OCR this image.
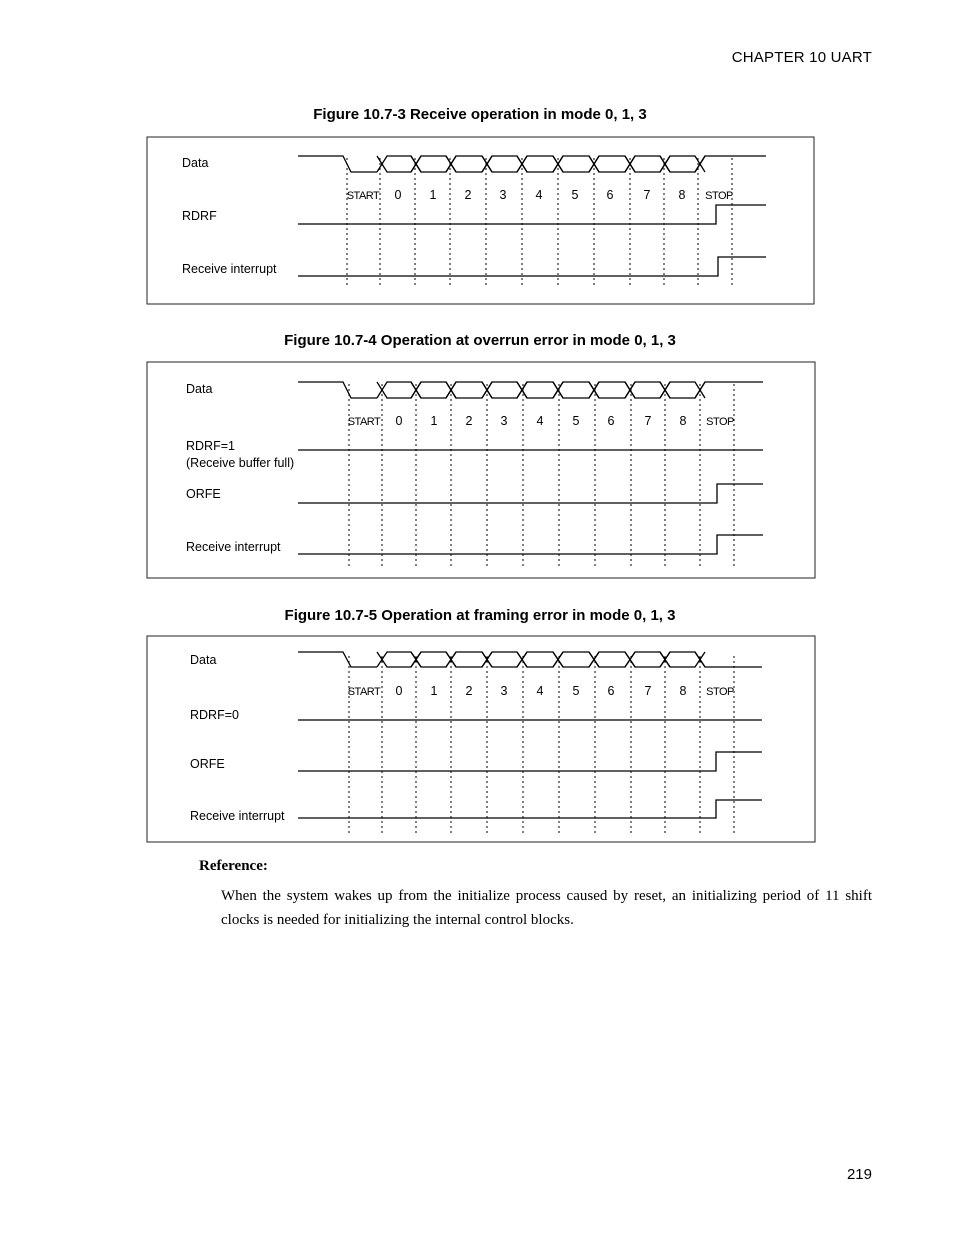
CHAPTER 10 UART
Figure 10.7-3 Receive operation in mode 0, 1, 3
Figure 10.7-4 Operation at overrun error in mode 0, 1, 3
Figure 10.7-5 Operation at framing error in mode 0, 1, 3
Data
RDRF
Receive interrupt
START 0 1 2 3 4 5 6 7 8 STOP
Data
RDRF=1
(Receive buffer full)
ORFE
Receive interrupt
START 0 1 2 3 4 5 6 7 8 STOP
Data
RDRF=0
ORFE
Receive interrupt
START 0 1 2 3 4 5 6 7 8 STOP
Reference:

When the system wakes up from the initialize process caused by reset, an initializing period of 11 shift clocks is needed for initializing the internal control blocks.

219
